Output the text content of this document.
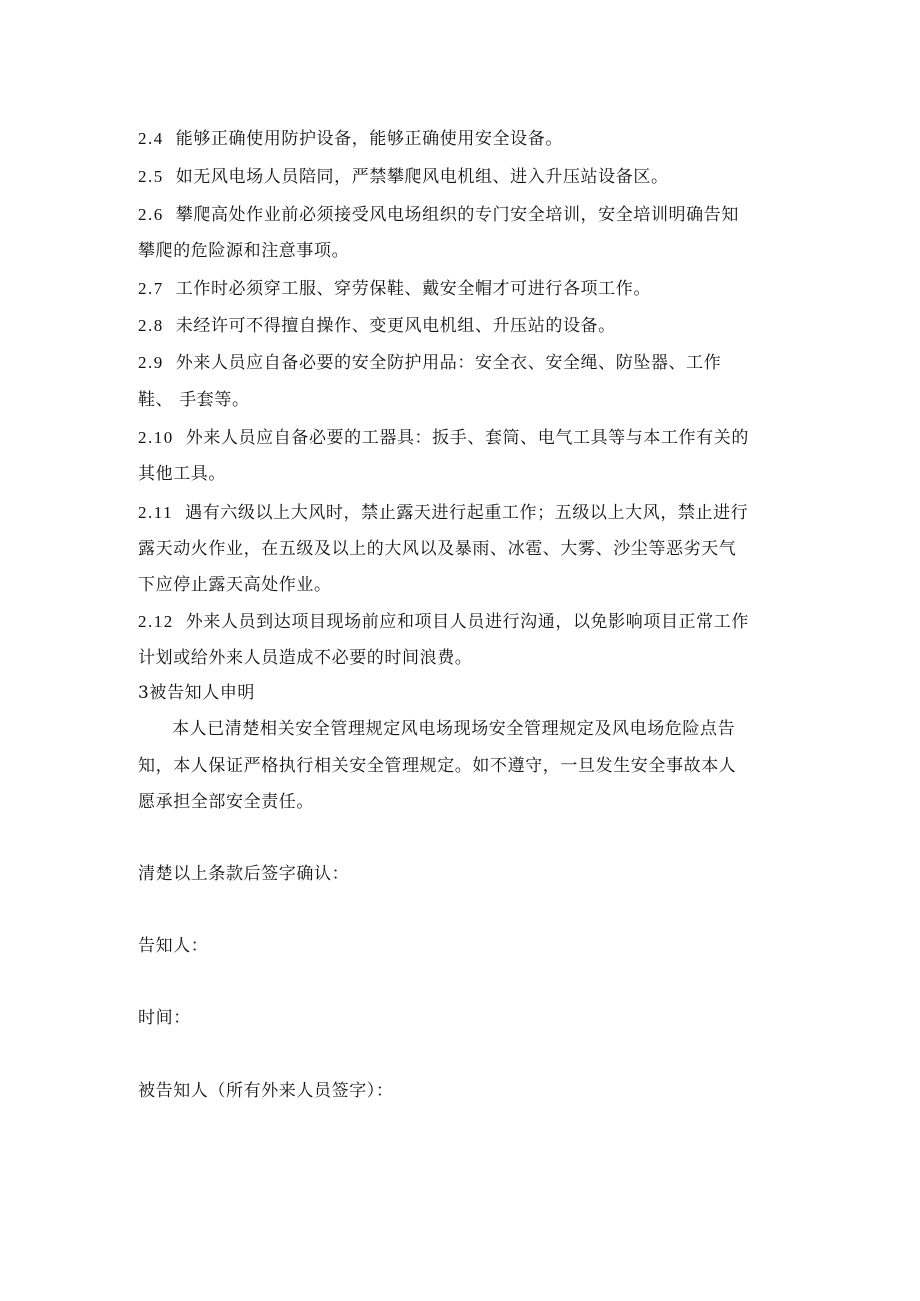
2.4 能够正确使用防护设备，能够正确使用安全设备。
2.5 如无风电场人员陪同，严禁攀爬风电机组、进入升压站设备区。
2.6 攀爬高处作业前必须接受风电场组织的专门安全培训，安全培训明确告知
攀爬的危险源和注意事项。
2.7 工作时必须穿工服、穿劳保鞋、戴安全帽才可进行各项工作。
2.8 未经许可不得擅自操作、变更风电机组、升压站的设备。
2.9 外来人员应自备必要的安全防护用品：安全衣、安全绳、防坠器、工作
鞋、 手套等。
2.10 外来人员应自备必要的工器具：扳手、套筒、电气工具等与本工作有关的
其他工具。
2.11 遇有六级以上大风时，禁止露天进行起重工作；五级以上大风，禁止进行
露天动火作业，在五级及以上的大风以及暴雨、冰雹、大雾、沙尘等恶劣天气
下应停止露天高处作业。
2.12 外来人员到达项目现场前应和项目人员进行沟通，以免影响项目正常工作
计划或给外来人员造成不必要的时间浪费。
3被告知人申明
本人已清楚相关安全管理规定风电场现场安全管理规定及风电场危险点告
知，本人保证严格执行相关安全管理规定。如不遵守，一旦发生安全事故本人
愿承担全部安全责任。
清楚以上条款后签字确认：
告知人：
时间：
被告知人（所有外来人员签字）：
